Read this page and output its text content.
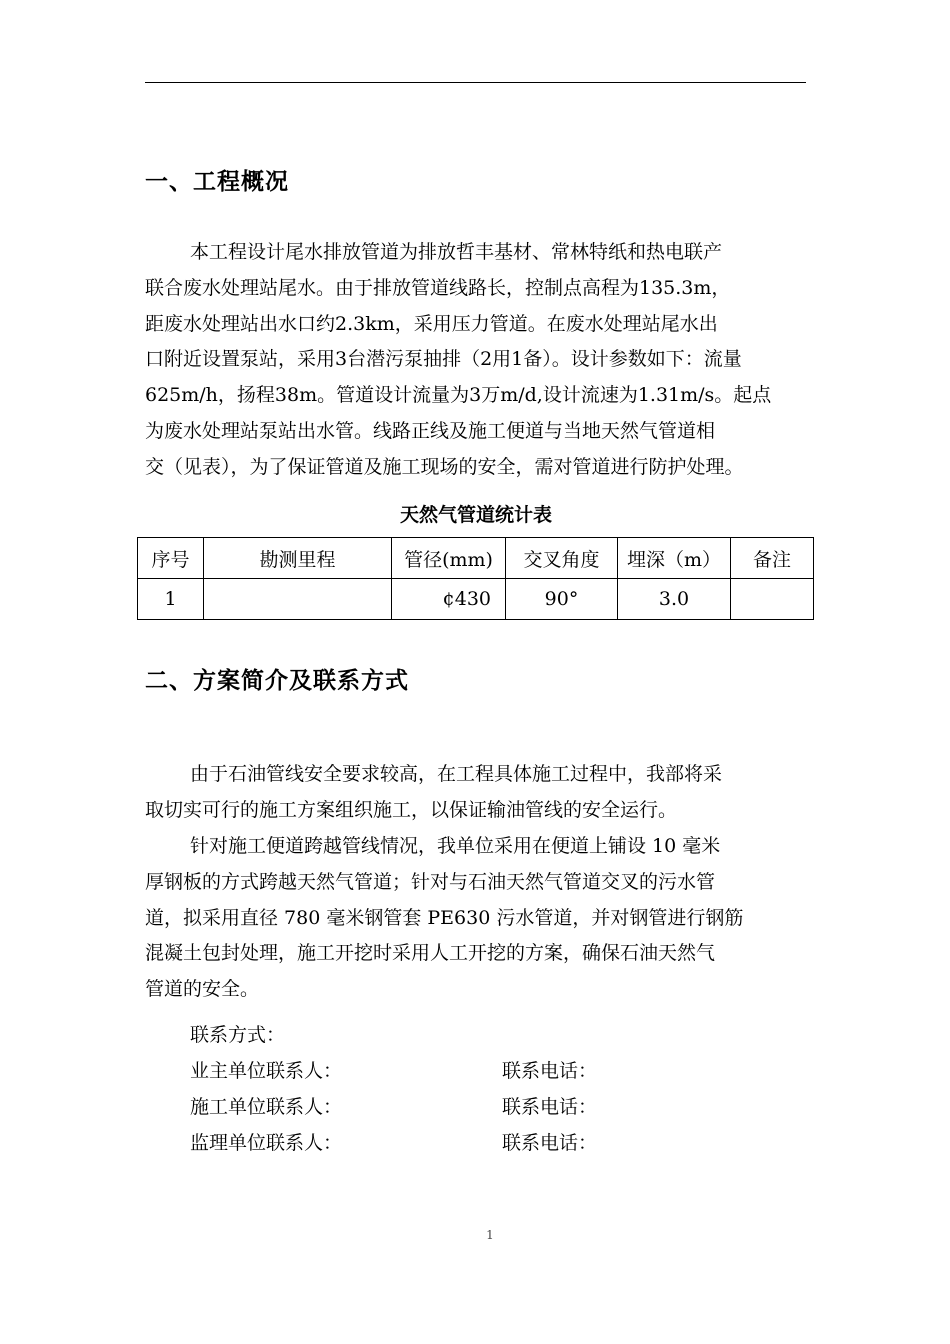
一、工程概况
本工程设计尾水排放管道为排放哲丰基材、常林特纸和热电联产
联合废水处理站尾水。由于排放管道线路长，控制点高程为135.3m，
距废水处理站出水口约2.3km，采用压力管道。在废水处理站尾水出
口附近设置泵站，采用3台潜污泵抽排（2用1备）。设计参数如下：流量
625m/h，扬程38m。管道设计流量为3万m/d,设计流速为1.31m/s。起点
为废水处理站泵站出水管。线路正线及施工便道与当地天然气管道相
交（见表），为了保证管道及施工现场的安全，需对管道进行防护处理。
天然气管道统计表
序号	勘测里程	管径(mm)	交叉角度	埋深（m）	备注
1		¢430	90°	3.0	
二、方案简介及联系方式
由于石油管线安全要求较高，在工程具体施工过程中，我部将采
取切实可行的施工方案组织施工，以保证输油管线的安全运行。
针对施工便道跨越管线情况，我单位采用在便道上铺设 10 毫米
厚钢板的方式跨越天然气管道；针对与石油天然气管道交叉的污水管
道，拟采用直径 780 毫米钢管套 PE630 污水管道，并对钢管进行钢筋
混凝土包封处理，施工开挖时采用人工开挖的方案，确保石油天然气
管道的安全。
联系方式：
业主单位联系人：	联系电话：
施工单位联系人：	联系电话：
监理单位联系人：	联系电话：
1
